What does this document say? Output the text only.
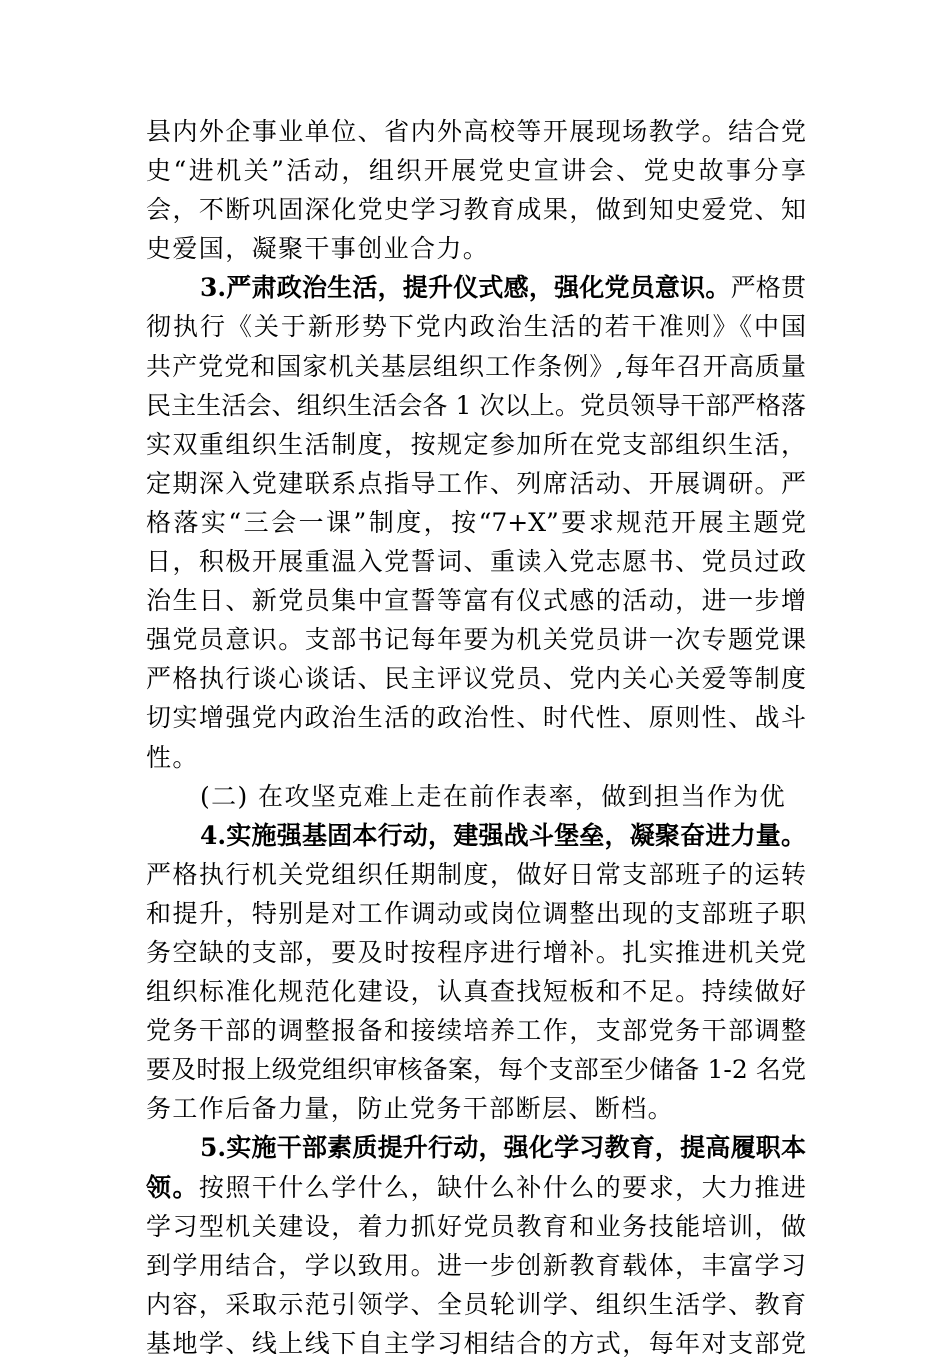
县内外企事业单位、省内外高校等开展现场教学。结合党
史“进机关”活动，组织开展党史宣讲会、党史故事分享
会，不断巩固深化党史学习教育成果，做到知史爱党、知
史爱国，凝聚干事创业合力。
3.严肃政治生活，提升仪式感，强化党员意识。严格贯
彻执行《关于新形势下党内政治生活的若干准则》《中国
共产党党和国家机关基层组织工作条例》,每年召开高质量
民主生活会、组织生活会各 1 次以上。党员领导干部严格落
实双重组织生活制度，按规定参加所在党支部组织生活，
定期深入党建联系点指导工作、列席活动、开展调研。严
格落实“三会一课”制度，按“7+X”要求规范开展主题党
日，积极开展重温入党誓词、重读入党志愿书、党员过政
治生日、新党员集中宣誓等富有仪式感的活动，进一步增
强党员意识。支部书记每年要为机关党员讲一次专题党课
严格执行谈心谈话、民主评议党员、党内关心关爱等制度
切实增强党内政治生活的政治性、时代性、原则性、战斗
性。
(二) 在攻坚克难上走在前作表率，做到担当作为优
4.实施强基固本行动，建强战斗堡垒，凝聚奋进力量。
严格执行机关党组织任期制度，做好日常支部班子的运转
和提升，特别是对工作调动或岗位调整出现的支部班子职
务空缺的支部，要及时按程序进行增补。扎实推进机关党
组织标准化规范化建设，认真查找短板和不足。持续做好
党务干部的调整报备和接续培养工作，支部党务干部调整
要及时报上级党组织审核备案，每个支部至少储备 1-2 名党
务工作后备力量，防止党务干部断层、断档。
5.实施干部素质提升行动，强化学习教育，提高履职本
领。按照干什么学什么，缺什么补什么的要求，大力推进
学习型机关建设，着力抓好党员教育和业务技能培训，做
到学用结合，学以致用。进一步创新教育载体，丰富学习
内容，采取示范引领学、全员轮训学、组织生活学、教育
基地学、线上线下自主学习相结合的方式，每年对支部党
